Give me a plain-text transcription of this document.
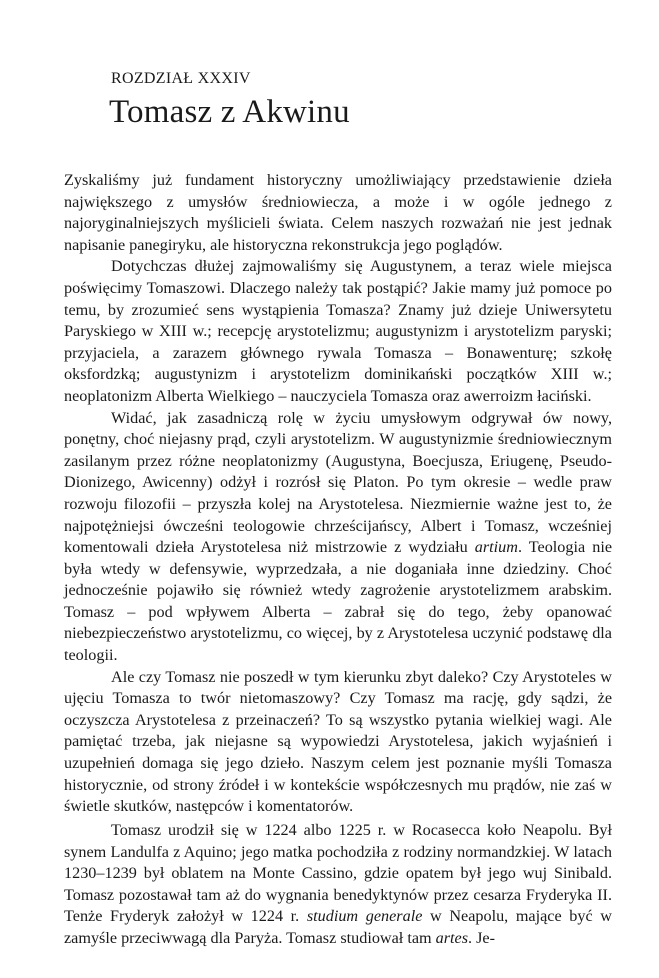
ROZDZIAŁ XXXIV
Tomasz z Akwinu

Zyskaliśmy już fundament historyczny umożliwiający przedstawienie dzieła największego z umysłów średniowiecza, a może i w ogóle jednego z najoryginalniejszych myślicieli świata. Celem naszych rozważań nie jest jednak napisanie panegiryku, ale historyczna rekonstrukcja jego poglądów.

Dotychczas dłużej zajmowaliśmy się Augustynem, a teraz wiele miejsca poświęcimy Tomaszowi. Dlaczego należy tak postąpić? Jakie mamy już pomoce po temu, by zrozumieć sens wystąpienia Tomasza? Znamy już dzieje Uniwersytetu Paryskiego w XIII w.; recepcję arystotelizmu; augustynizm i arystotelizm paryski; przyjaciela, a zarazem głównego rywala Tomasza – Bonawenturę; szkołę oksfordzką; augustynizm i arystotelizm dominikański początków XIII w.; neoplatonizm Alberta Wielkiego – nauczyciela Tomasza oraz awerroizm łaciński.

Widać, jak zasadniczą rolę w życiu umysłowym odgrywał ów nowy, ponętny, choć niejasny prąd, czyli arystotelizm. W augustynizmie średniowiecznym zasilanym przez różne neoplatonizmy (Augustyna, Boecjusza, Eriugenę, Pseudo-Dionizego, Awicenny) odżył i rozrósł się Platon. Po tym okresie – wedle praw rozwoju filozofii – przyszła kolej na Arystotelesa. Niezmiernie ważne jest to, że najpotężniejsi ówcześni teologowie chrześcijańscy, Albert i Tomasz, wcześniej komentowali dzieła Arystotelesa niż mistrzowie z wydziału artium. Teologia nie była wtedy w defensywie, wyprzedzała, a nie doganiała inne dziedziny. Choć jednocześnie pojawiło się również wtedy zagrożenie arystotelizmem arabskim. Tomasz – pod wpływem Alberta – zabrał się do tego, żeby opanować niebezpieczeństwo arystotelizmu, co więcej, by z Arystotelesa uczynić podstawę dla teologii.

Ale czy Tomasz nie poszedł w tym kierunku zbyt daleko? Czy Arystoteles w ujęciu Tomasza to twór nietomaszowy? Czy Tomasz ma rację, gdy sądzi, że oczyszcza Arystotelesa z przeinaczeń? To są wszystko pytania wielkiej wagi. Ale pamiętać trzeba, jak niejasne są wypowiedzi Arystotelesa, jakich wyjaśnień i uzupełnień domaga się jego dzieło. Naszym celem jest poznanie myśli Tomasza historycznie, od strony źródeł i w kontekście współczesnych mu prądów, nie zaś w świetle skutków, następców i komentatorów.

Tomasz urodził się w 1224 albo 1225 r. w Rocasecca koło Neapolu. Był synem Landulfa z Aquino; jego matka pochodziła z rodziny normandzkiej. W latach 1230–1239 był oblatem na Monte Cassino, gdzie opatem był jego wuj Sinibald. Tomasz pozostawał tam aż do wygnania benedyktynów przez cesarza Fryderyka II. Tenże Fryderyk założył w 1224 r. studium generale w Neapolu, mające być w zamyśle przeciwwagą dla Paryża. Tomasz studiował tam artes. Je-
